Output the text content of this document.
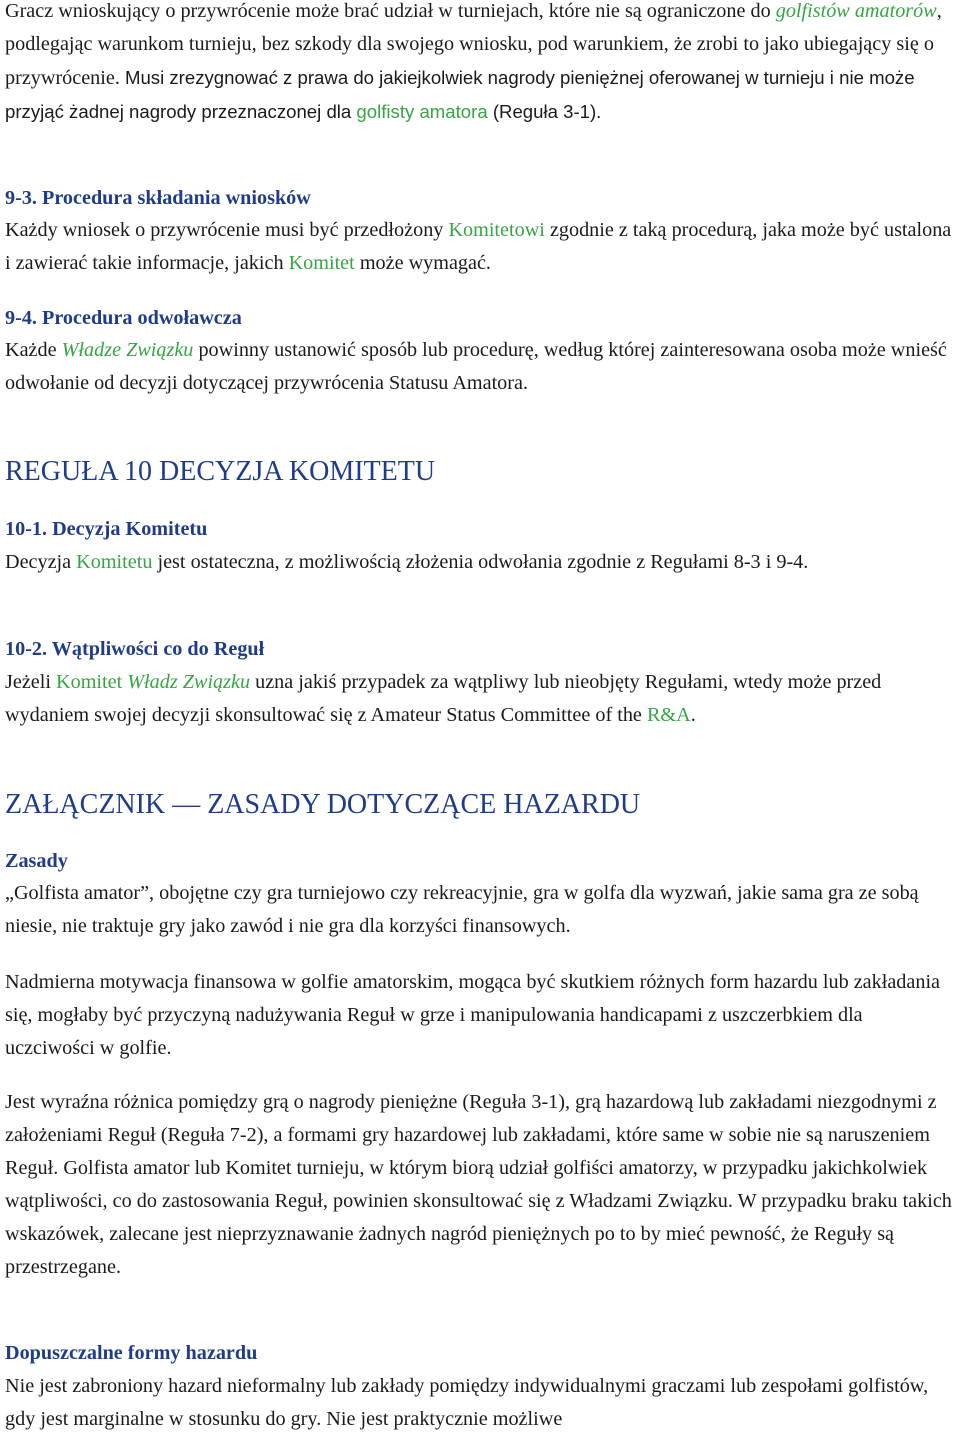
Gracz wnioskujący o przywrócenie może brać udział w turniejach, które nie są ograniczone do golfistów amatorów, podlegając warunkom turnieju, bez szkody dla swojego wniosku, pod warunkiem, że zrobi to jako ubiegający się o przywrócenie. Musi zrezygnować z prawa do jakiejkolwiek nagrody pieniężnej oferowanej w turnieju i nie może przyjąć żadnej nagrody przeznaczonej dla golfisty amatora (Reguła 3-1).

9-3. Procedura składania wniosków

Każdy wniosek o przywrócenie musi być przedłożony Komitetowi zgodnie z taką procedurą, jaka może być ustalona i zawierać takie informacje, jakich Komitet może wymagać.

9-4. Procedura odwoławcza

Każde Władze Związku powinny ustanowić sposób lub procedurę, według której zainteresowana osoba może wnieść odwołanie od decyzji dotyczącej przywrócenia Statusu Amatora.

REGUŁA 10 DECYZJA KOMITETU

10-1. Decyzja Komitetu

Decyzja Komitetu jest ostateczna, z możliwością złożenia odwołania zgodnie z Regułami 8-3 i 9-4.

10-2. Wątpliwości co do Reguł

Jeżeli Komitet Władz Związku uzna jakiś przypadek za wątpliwy lub nieobjęty Regułami, wtedy może przed wydaniem swojej decyzji skonsultować się z Amateur Status Committee of the R&A.

ZAŁĄCZNIK — ZASADY DOTYCZĄCE HAZARDU

Zasady

„Golfista amator”, obojętne czy gra turniejowo czy rekreacyjnie, gra w golfa dla wyzwań, jakie sama gra ze sobą niesie, nie traktuje gry jako zawód i nie gra dla korzyści finansowych.

Nadmierna motywacja finansowa w golfie amatorskim, mogąca być skutkiem różnych form hazardu lub zakładania się, mogłaby być przyczyną nadużywania Reguł w grze i manipulowania handicapami z uszczerbkiem dla uczciwości w golfie.

Jest wyraźna różnica pomiędzy grą o nagrody pieniężne (Reguła 3-1), grą hazardową lub zakładami niezgodnymi z założeniami Reguł (Reguła 7-2), a formami gry hazardowej lub zakładami, które same w sobie nie są naruszeniem Reguł. Golfista amator lub Komitet turnieju, w którym biorą udział golfiści amatorzy, w przypadku jakichkolwiek wątpliwości, co do zastosowania Reguł, powinien skonsultować się z Władzami Związku. W przypadku braku takich wskazówek, zalecane jest nieprzyznawanie żadnych nagród pieniężnych po to by mieć pewność, że Reguły są przestrzegane.

Dopuszczalne formy hazardu

Nie jest zabroniony hazard nieformalny lub zakłady pomiędzy indywidualnymi graczami lub zespołami golfistów, gdy jest marginalne w stosunku do gry. Nie jest praktycznie możliwe
